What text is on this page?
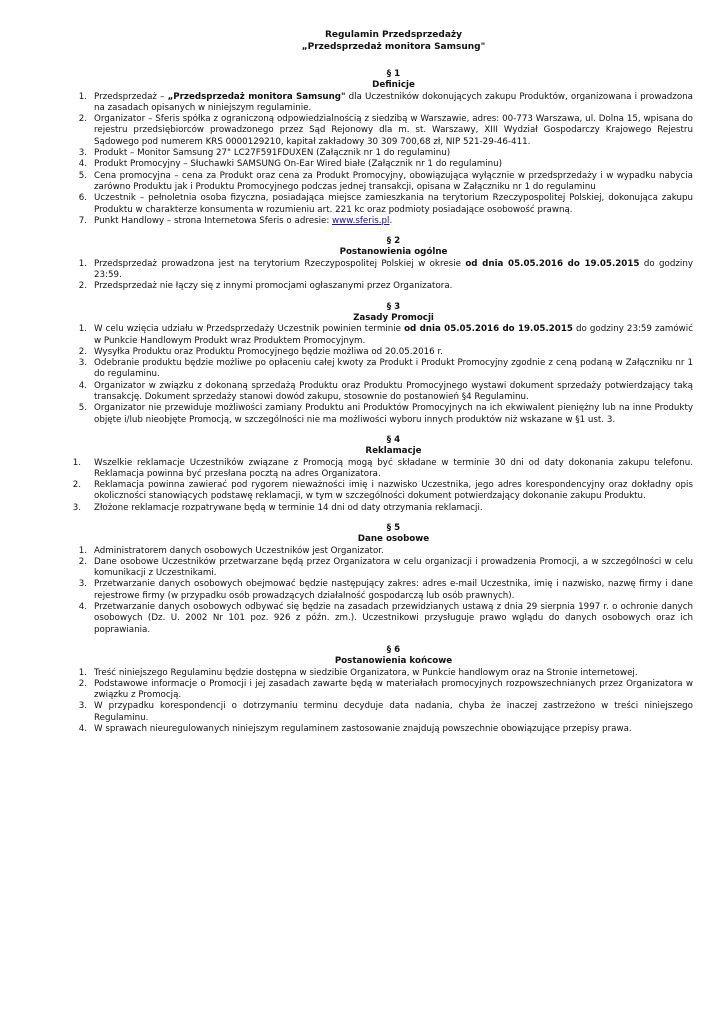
Regulamin Przedsprzedaży
„Przedsprzedaż monitora Samsung"
§ 1
Definicje
1. Przedsprzedaż – „Przedsprzedaż monitora Samsung" dla Uczestników dokonujących zakupu Produktów, organizowana i prowadzona na zasadach opisanych w niniejszym regulaminie.
2. Organizator – Sferis spółka z ograniczoną odpowiedzialnością z siedzibą w Warszawie, adres: 00-773 Warszawa, ul. Dolna 15, wpisana do rejestru przedsiębiorców prowadzonego przez Sąd Rejonowy dla m. st. Warszawy, XIII Wydział Gospodarczy Krajowego Rejestru Sądowego pod numerem KRS 0000129210, kapitał zakładowy 30 309 700,68 zł, NIP 521-29-46-411.
3. Produkt – Monitor Samsung 27" LC27F591FDUXEN (Załącznik nr 1 do regulaminu)
4. Produkt Promocyjny – Słuchawki SAMSUNG On-Ear Wired białe (Załącznik nr 1 do regulaminu)
5. Cena promocyjna – cena za Produkt oraz cena za Produkt Promocyjny, obowiązująca wyłącznie w przedsprzedaży i w wypadku nabycia zarówno Produktu jak i Produktu Promocyjnego podczas jednej transakcji, opisana w Załączniku nr 1 do regulaminu
6. Uczestnik – pełnoletnia osoba fizyczna, posiadająca miejsce zamieszkania na terytorium Rzeczypospolitej Polskiej, dokonująca zakupu Produktu w charakterze konsumenta w rozumieniu art. 221 kc oraz podmioty posiadające osobowość prawną.
7. Punkt Handlowy – strona Internetowa Sferis o adresie: www.sferis.pl.
§ 2
Postanowienia ogólne
1. Przedsprzedaż prowadzona jest na terytorium Rzeczypospolitej Polskiej w okresie od dnia 05.05.2016 do 19.05.2015 do godziny 23:59.
2. Przedsprzedaż nie łączy się z innymi promocjami ogłaszanymi przez Organizatora.
§ 3
Zasady Promocji
1. W celu wzięcia udziału w Przedsprzedaży Uczestnik powinien terminie od dnia 05.05.2016 do 19.05.2015 do godziny 23:59 zamówić w Punkcie Handlowym Produkt wraz Produktem Promocyjnym.
2. Wysyłka Produktu oraz Produktu Promocyjnego będzie możliwa od 20.05.2016 r.
3. Odebranie produktu będzie możliwe po opłaceniu całej kwoty za Produkt i Produkt Promocyjny zgodnie z ceną podaną w Załączniku nr 1 do regulaminu.
4. Organizator w związku z dokonaną sprzedażą Produktu oraz Produktu Promocyjnego wystawi dokument sprzedaży potwierdzający taką transakcję. Dokument sprzedaży stanowi dowód zakupu, stosownie do postanowień §4 Regulaminu.
5. Organizator nie przewiduje możliwości zamiany Produktu ani Produktów Promocyjnych na ich ekwiwalent pieniężny lub na inne Produkty objęte i/lub nieobjęte Promocją, w szczególności nie ma możliwości wyboru innych produktów niż wskazane w §1 ust. 3.
§ 4
Reklamacje
1. Wszelkie reklamacje Uczestników związane z Promocją mogą być składane w terminie 30 dni od daty dokonania zakupu telefonu. Reklamacja powinna być przesłana pocztą na adres Organizatora.
2. Reklamacja powinna zawierać pod rygorem nieważności imię i nazwisko Uczestnika, jego adres korespondencyjny oraz dokładny opis okoliczności stanowiących podstawę reklamacji, w tym w szczególności dokument potwierdzający dokonanie zakupu Produktu.
3. Złożone reklamacje rozpatrywane będą w terminie 14 dni od daty otrzymania reklamacji.
§ 5
Dane osobowe
1. Administratorem danych osobowych Uczestników jest Organizator.
2. Dane osobowe Uczestników przetwarzane będą przez Organizatora w celu organizacji i prowadzenia Promocji, a w szczególności w celu komunikacji z Uczestnikami.
3. Przetwarzanie danych osobowych obejmować będzie następujący zakres: adres e-mail Uczestnika, imię i nazwisko, nazwę firmy i dane rejestrowe firmy (w przypadku osób prowadzących działalność gospodarczą lub osób prawnych).
4. Przetwarzanie danych osobowych odbywać się będzie na zasadach przewidzianych ustawą z dnia 29 sierpnia 1997 r. o ochronie danych osobowych (Dz. U. 2002 Nr 101 poz. 926 z późn. zm.). Uczestnikowi przysługuje prawo wglądu do danych osobowych oraz ich poprawiania.
§ 6
Postanowienia końcowe
1. Treść niniejszego Regulaminu będzie dostępna w siedzibie Organizatora, w Punkcie handlowym oraz na Stronie internetowej.
2. Podstawowe informacje o Promocji i jej zasadach zawarte będą w materiałach promocyjnych rozpowszechnianych przez Organizatora w związku z Promocją.
3. W przypadku korespondencji o dotrzymaniu terminu decyduje data nadania, chyba że inaczej zastrzeżono w treści niniejszego Regulaminu.
4. W sprawach nieuregulowanych niniejszym regulaminem zastosowanie znajdują powszechnie obowiązujące przepisy prawa.
